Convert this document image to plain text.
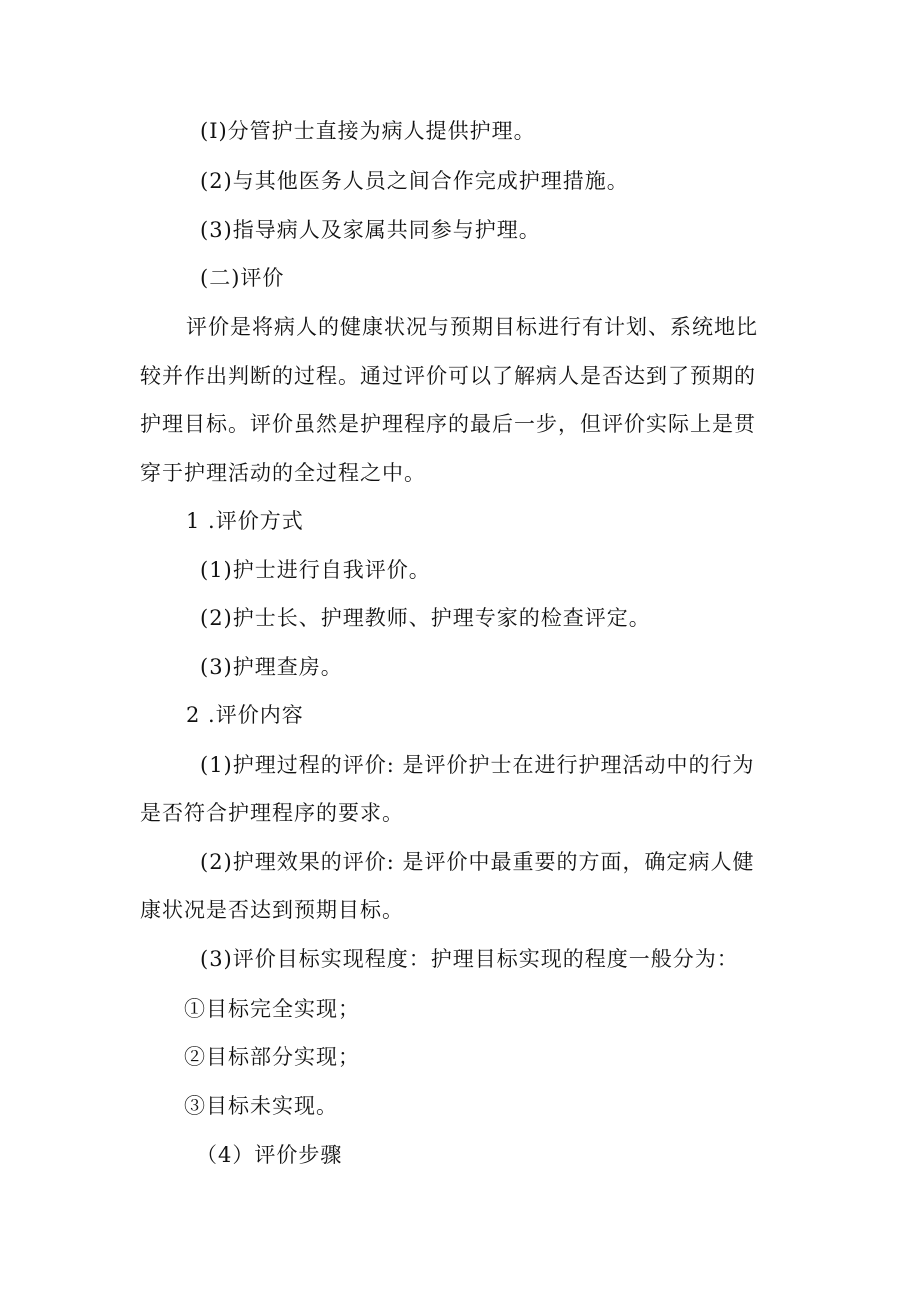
(I)分管护士直接为病人提供护理。
(2)与其他医务人员之间合作完成护理措施。
(3)指导病人及家属共同参与护理。
(二)评价
评价是将病人的健康状况与预期目标进行有计划、系统地比
较并作出判断的过程。通过评价可以了解病人是否达到了预期的
护理目标。评价虽然是护理程序的最后一步，但评价实际上是贯
穿于护理活动的全过程之中。
1 .评价方式
(1)护士进行自我评价。
(2)护士长、护理教师、护理专家的检查评定。
(3)护理查房。
2 .评价内容
(1)护理过程的评价: 是评价护士在进行护理活动中的行为
是否符合护理程序的要求。
(2)护理效果的评价: 是评价中最重要的方面，确定病人健
康状况是否达到预期目标。
(3)评价目标实现程度：护理目标实现的程度一般分为：
①目标完全实现；
②目标部分实现；
③目标未实现。
（4）评价步骤
